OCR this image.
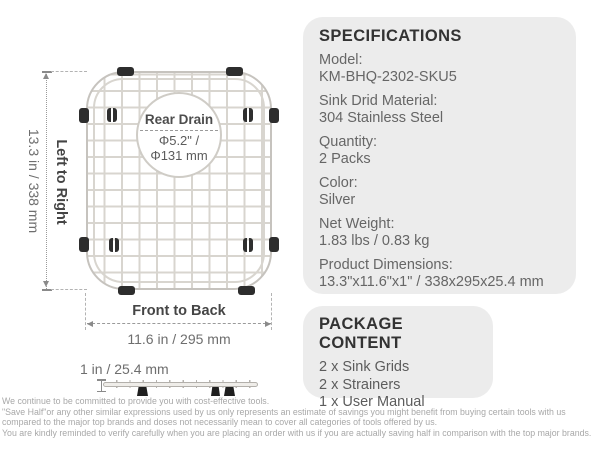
Rear Drain
Φ5.2" /
Φ131 mm
13.3 in / 338 mm Left to Right
Front to Back
11.6 in / 295 mm
1 in / 25.4 mm
SPECIFICATIONS
Model:
KM-BHQ-2302-SKU5
Sink Drid Material:
304 Stainless Steel
Quantity:
2 Packs
Color:
Silver
Net Weight:
1.83 lbs / 0.83 kg
Product Dimensions:
13.3"x11.6"x1" / 338x295x25.4 mm
PACKAGE CONTENT
2 x Sink Grids
2 x Strainers
1 x User Manual
We continue to be committed to provide you with cost-effective tools.
"Save Half"or any other similar expressions used by us only represents an estimate of savings you might benefit from buying certain tools with us
compared to the major top brands and doses not necessarily mean to cover all categories of tools offered by us.
You are kindly reminded to verify carefully when you are placing an order with us if you are actually saving half in comparison with the top major brands.
